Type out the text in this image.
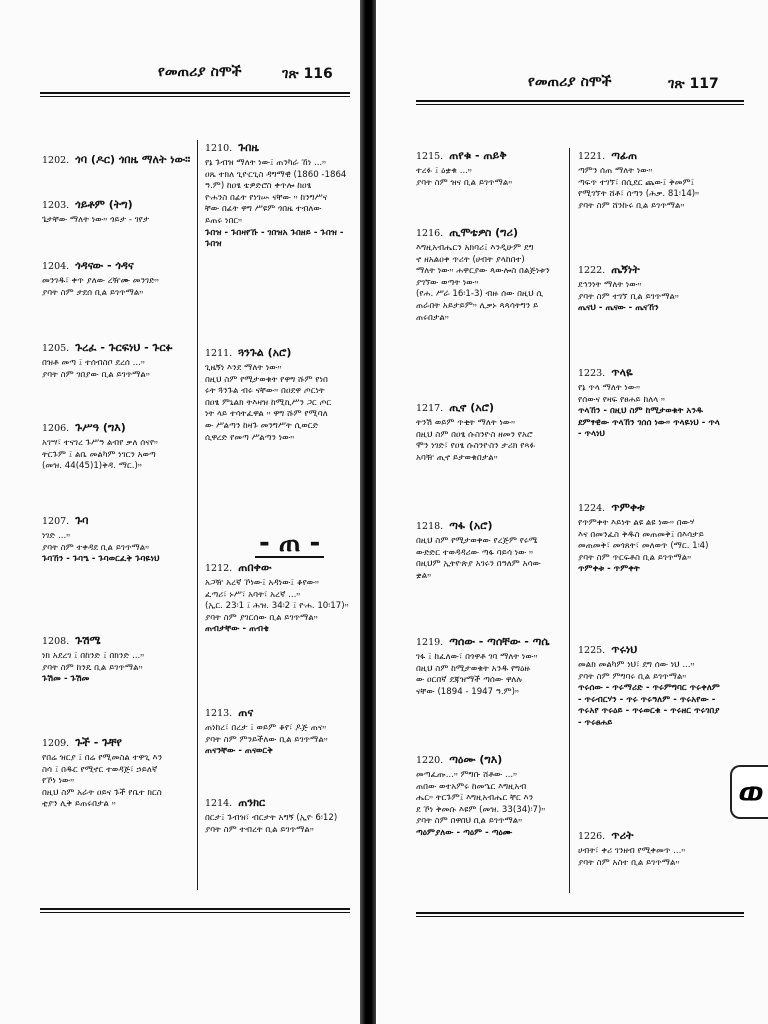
የመጠሪያ ስሞች	ገጽ 116
- ጠ -
የመጠሪያ ስሞች	ገጽ 117
ወ
1202. ጎባ (ዶር) ጎበዜ ማለት ነው።
1203. ጎይቶም (ትግ)
ጌታቸው ማለት ነው። ጎይታ - ገየታ
1204. ጎዳናው - ጎዳና
መንገዱ፣ ቀጥ ያለው ረዥሙ መንገድ።
ያባት ስም ታደሰ ቢል ይገጥማል።
1205. ጉረፈ - ጉርፍነህ - ጉርፉ
በዝቶ መጣ ፤ ተሰብስቦ ደረሰ ...።
ያባት ስም ገበያው ቢል ይገጥማል።
1206. ጉሥዓ (ግእ)
አገሣ፣ ተናገረ ጉሥዓ ልብየ ቃለ ሰናየ።
ትርጉም ፤ ልቤ መልካም ነገርን አወጣ
(መዝ. 44(45)1)ቅዳ. ማር.)።
1207. ጉባ
ነገድ ...።
ያባት ስም ተቀዳደ ቢል ይገጥማል።
ጉባኸን - ጉባዔ - ጉባወርፈቅ ጉባዬነህ
1208. ጉሽሜ
ነክ አደረገ ፤ በከንድ ፤ በክንድ ...።
ያባት ስም ከንዴ ቢል ይገጥማል።
ጉሽመ - ጉሽመ
1209. ጉች - ጉቸየ
የበሬ ዝርያ ፤ በሬ የሚመስል ተዋጊ እን
ስሳ ፤ በዱር የሚኖር ተወዳጅ፣ ኃይለኛ
የኾነ ነው።
በዚህ ስም አራት ዐይና ጉች የቤተ ክርስ
ቲያን ሊቅ ይጠሩበታል ።
1210. ጉበዜ
የኔ ጉብዝ ማለት ነው፤ ጠንካራ ኸነ ...።
ዐጼ ተክለ ጊዮርጊስ ዳግማዊ (1860 -1864
ዓ.ም) ከዐፄ ቴዎድሮስ ቀጥሎ ከዐፄ
ዮሐንስ በፊት የነገሡ ናቸው ። ከንግሥና
ቸው በፊት ዋግ ሥዩም ጎበዜ ተብለው
ይጠሩ ነበር።
ጉበዝ - ጉበዛየኹ - ገበዝአ ጉበዘይ - ጉበዝ - ጉበዝ
1211. ጓንጉል (አሮ)
ጊዜኝነ እንደ ማለት ነው።
በዚህ ስም የሚታወቁት የዋግ ሹም የነበ
ሩት ጓንጉል ብሩ ናቸው። በዐደዋ ጦርነት
በዐፄ ምኒልክ ትእዛዝ ከሚኪሥን ጋር ጦር
ነት ላይ ተሳትፈዋል ። ዋግ ሹም የሚባለ
ው ሥልጣን ከዛጉ መንግሥት ሲወርድ
ሲዋረድ የመጣ ሥልጣን ነው።
1212. ጠበቀው
አጋዥ አረኛ ኾነው፤ አዳነው፤ ቆየው።
ፈጣሪ፣ ኑሥ፣ አባት፣ አረኛ ...።
(ኢር. 23፡1 ፤ ሕዝ. 34፡2 ፤ ዮሐ. 10፡17)።
ያባት ስም ያገርሰው ቢል ይገጥማል።
ጠብታቸው - ጠብቄ
1213. ጠና
ጠነከረ፣ በረታ ፤ ወይም ቆየ፣ ዶጅ ጠና።
ያባት ስም ምንይችለው ቢል ይገጥማል።
ጠናንቸው - ጠናወርቅ
1214. ጠንክር
በርታ፤ ጉብዝ፣ ብርታት አግኝ (ኢዮ 6፡12)
ያባት ስም ተብረት ቢል ይገጥማል።
1215. ጠየቁ - ጠይቅ
ተረፉ ፤ ዕቋቁ ...።
ያባት ስም ዝና ቢል ይገጥማል።
1216. ጢሞቴዎስ (ግሪ)
እግዚአብሔርን አክባሪ፤ እንዲሁም ደግ
ኖ ዘአልዐቀ ጥሪት (ሀብት ያላከበተ)
ማለት ነው። ሐዋርያው ጳውሎስ በልጅነቱን
ያገኘው ወጣት ነው።
(የሐ. ሥራ 16፡1-3) ብዙ ሰው በዚህ ሲ
ጠራበት አይታይም። ሊቃኑ ጳጳሳትግን ይ
ጠሩበታል።
1217. ጢኖ (አሮ)
ትንሽ ወይም ጥቂት ማለት ነው።
በዚህ ስም በዐፄ ሱስንዮስ ዘመን የአሮ
ሞን ነገድ፣ የዐፄ ሱስንዮስን ታሪክ የጻፉ
አባዥ ጢኖ ይታወቁበታል።
1218. ጣፋ (አሮ)
በዚህ ስም የሚታወቀው የረጅም የሩሜ
ውድድር ተወዳዳሪው ጣፋ ባይሳ ነው ።
በዚህም ኢትዮጵያ አገሩን በዓለም አሳው
ቋል።
1219. ጣሰው - ጣሰቸው - ጣሴ
ገፋ ፤ ከፈለው፣ በጎዋቶ ገባ ማለት ነው።
በዚህ ስም ከሚታወቁት አንዱ የግዕዙ
ው ዐርበኛ ደጃዝማች ጣሰው ዋለሉ
ናቸው (1894 - 1947 ዓ.ም)።
1220. ጣዕሙ (ግእ)
መጣፈጡ...። ምግቡ ሸቶው ...።
ጠበው ወተአምሩ ከመኄር እግዚአብ
ሔር። ትርጉም፤ እግዚአብሔር ቸር እን
ደ ኾነ ቅመሱ እዩም (መዝ. 33(34)፡7)።
ያባት ስም በዋበህ ቢል ይገጥማል።
ጣዕምያለው - ጣዕም - ጣዕሙ
1221. ጣፊጠ
ጣምን ሰጠ ማለት ነው።
ጣፍጥ ተገኘ፣ በሲደር ጨው፤ ቅመም፤
የሚገኘት ሸቶ፣ ሰጣን (ሕቃ. 81፡14)።
ያባት ስም ሸንኩሩ ቢል ይገጥማል።
1222. ጤኝነት
ደኅንነት ማለት ነው።
ያባት ስም ተገኘ ቢል ይገጥማል።
ጤናህ - ጤናው - ጤናኸን
1223. ጥላዬ
የኔ ጥላ ማለት ነው።
የሰውና የዛፍ የፀሐይ ከለላ ።
ጥላኸን - በዚህ ስም ከሚታወቁት አንዱ ደምፃዊው ጥላኸን ገሰሰ ነው። ጥላዬነህ - ጥላ - ጥላነህ
1224. ጥምቀቱ
የጥምቀት እይነት ልዩ ልዩ ነው። በውሃ
እና በመንፈስ ቅዱስ መጠመቅ፤ በእሳታይ
መጠመቅ፣ መጎጸት፣ መለወጥ (ማር. 1፡4)
ያባት ስም ጥርፍቶስ ቢል ይገጥማል።
ጥምቀቱ - ጥምቀት
1225. ጥሩነህ
መልክ መልካም ነህ፣ ደግ ሰው ነህ ...።
ያባት ስም ምግባሩ ቢል ይገጥማል።
ጥሩሰው - ጥሩማሪድ - ጥሩምግባር ጥሩቀለም - ጥሩብርሃን - ጥሩ ጥሩዓለም - ጥሩአየው - ጥሩአየ ጥሩዕይ - ጥሩወርቁ - ጥሩዘር ጥሩገበያ - ጥሩፀሐይ
1226. ጥሪት
ሀብት፣ ቀሪ ገንዘብ የሚቀመጥ ...።
ያባት ስም አስተ ቢል ይገጥማል።
